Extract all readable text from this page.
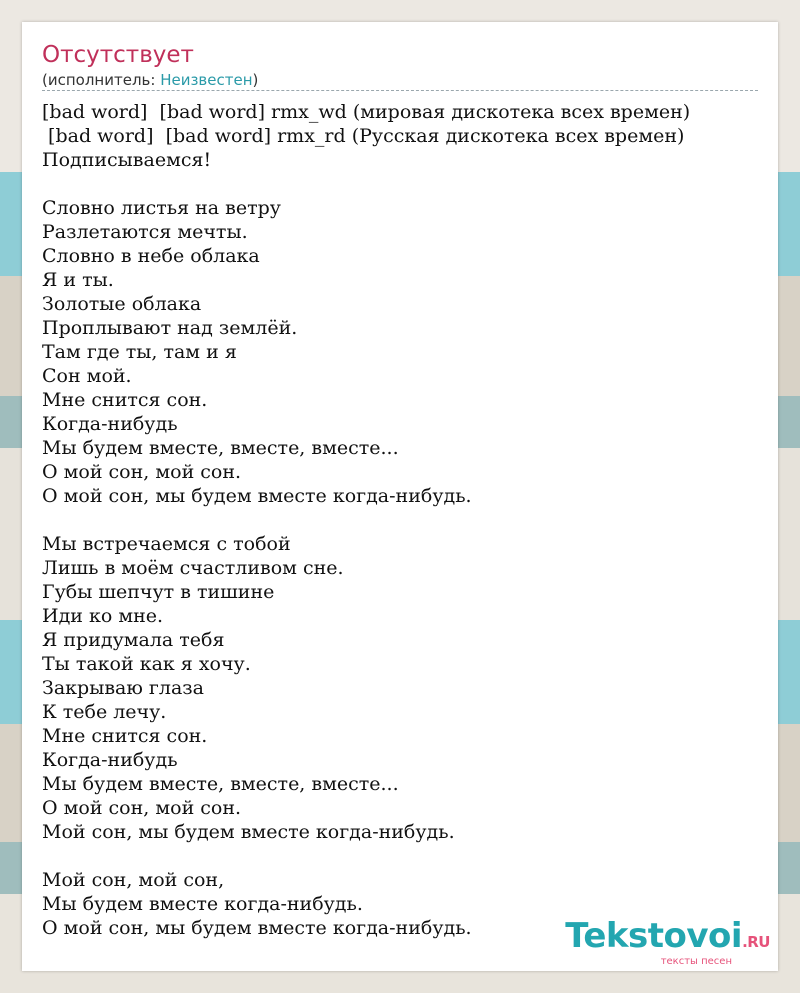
Отсутствует
(исполнитель: Неизвестен)
[bad word]  [bad word] rmx_wd (мировая дискотека всех времен)
[bad word]  [bad word] rmx_rd (Русская дискотека всех времен)
Подписываемся!

Словно листья на ветру
Разлетаются мечты.
Словно в небе облака
Я и ты.
Золотые облака
Проплывают над землёй.
Там где ты, там и я
Сон мой.
Мне снится сон.
Когда-нибудь
Мы будем вместе, вместе, вместе...
О мой сон, мой сон.
О мой сон, мы будем вместе когда-нибудь.

Мы встречаемся с тобой
Лишь в моём счастливом сне.
Губы шепчут в тишине
Иди ко мне.
Я придумала тебя
Ты такой как я хочу.
Закрываю глаза
К тебе лечу.
Мне снится сон.
Когда-нибудь
Мы будем вместе, вместе, вместе...
О мой сон, мой сон.
Мой сон, мы будем вместе когда-нибудь.

Мой сон, мой сон,
Мы будем вместе когда-нибудь.
О мой сон, мы будем вместе когда-нибудь.	Tekstovoi.RU
тексты песен
